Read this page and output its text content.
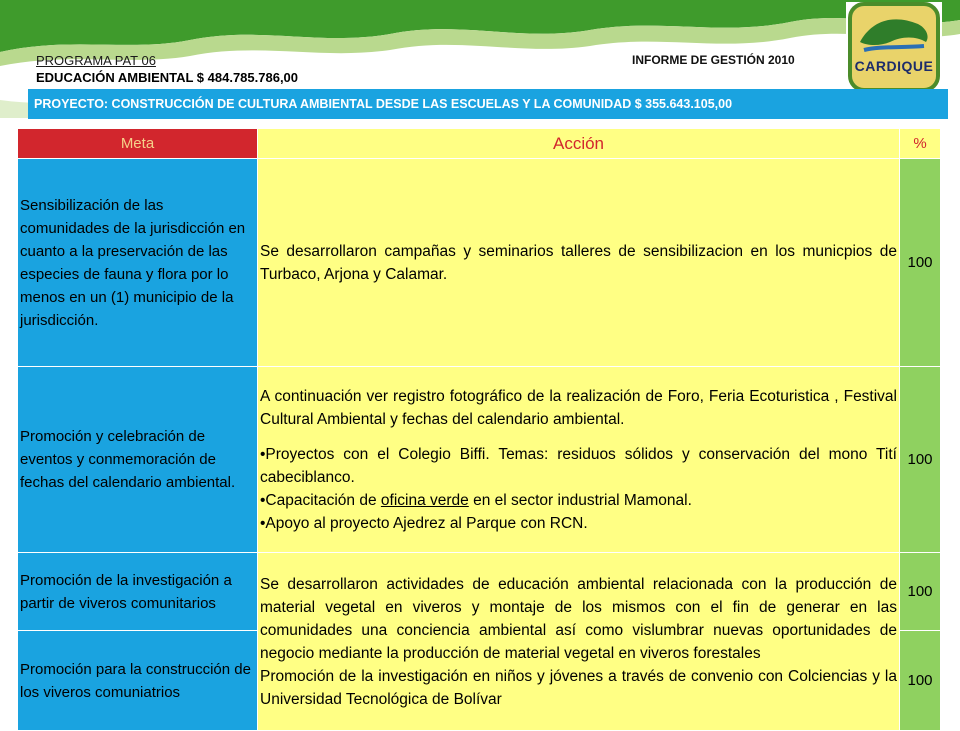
PROGRAMA PAT 06
EDUCACIÓN AMBIENTAL $ 484.785.786,00
INFORME DE GESTIÓN 2010	CARDIQUE
PROYECTO: CONSTRUCCIÓN DE CULTURA AMBIENTAL DESDE LAS ESCUELAS Y LA COMUNIDAD $ 355.643.105,00
Meta	Acción	%
Sensibilización de las comunidades de la jurisdicción en cuanto a la preservación de las especies de fauna y flora por lo menos en un (1) municipio de la jurisdicción.	Se desarrollaron campañas y seminarios talleres de sensibilizacion en los municpios de Turbaco, Arjona y Calamar.	100
Promoción y celebración de eventos y conmemoración de fechas del calendario ambiental.	A continuación ver registro fotográfico de la realización de Foro, Feria Ecoturistica , Festival Cultural Ambiental y fechas del calendario ambiental.

•Proyectos con el Colegio Biffi. Temas: residuos sólidos y conservación del mono Tití cabeciblanco.

•Capacitación de oficina verde en el sector industrial Mamonal.

•Apoyo al proyecto Ajedrez al Parque con RCN.	100
Promoción de la investigación a partir de viveros comunitarios	Se desarrollaron actividades de educación ambiental relacionada con la producción de material vegetal en viveros y montaje de los mismos con el fin de generar en las comunidades una conciencia ambiental así como vislumbrar nuevas oportunidades de negocio mediante la producción de material vegetal en viveros forestales

Promoción de la investigación en niños y jóvenes a través de convenio con Colciencias y la Universidad Tecnológica de Bolívar	100
Promoción para la construcción de los viveros comuniatrios		100
